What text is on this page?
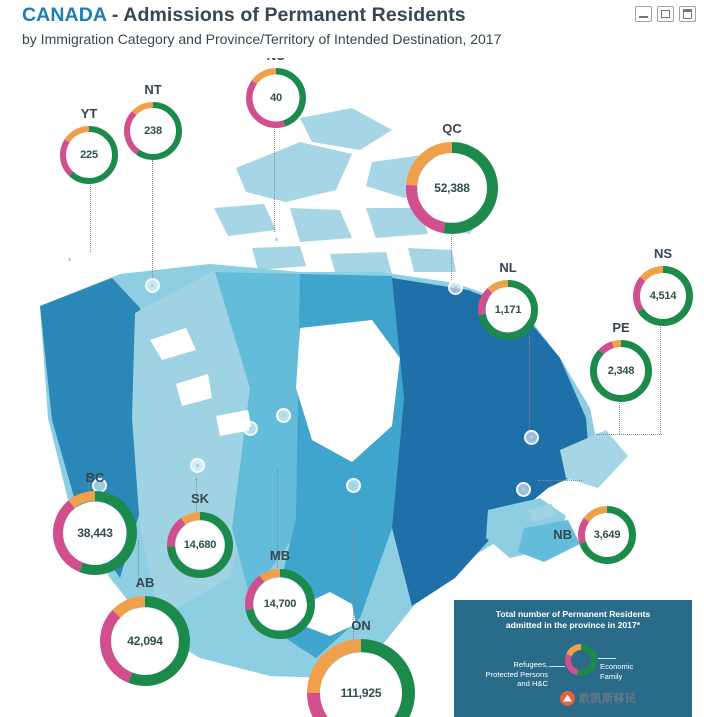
CANADA - Admissions of Permanent Residents
by Immigration Category and Province/Territory of Intended Destination, 2017
225
YT
238
NT
40
52,388
QC
1,171
NL
4,514
NS
2,348
PE
3,649
NB
38,443
BC
14,680
SK
14,700
MB
42,094
AB
111,925
ON
Total number of Permanent Residents
admitted in the province in 2017*
Refugees,
Protected Persons
and H&C
Economic
Family
欧凯斯移民
